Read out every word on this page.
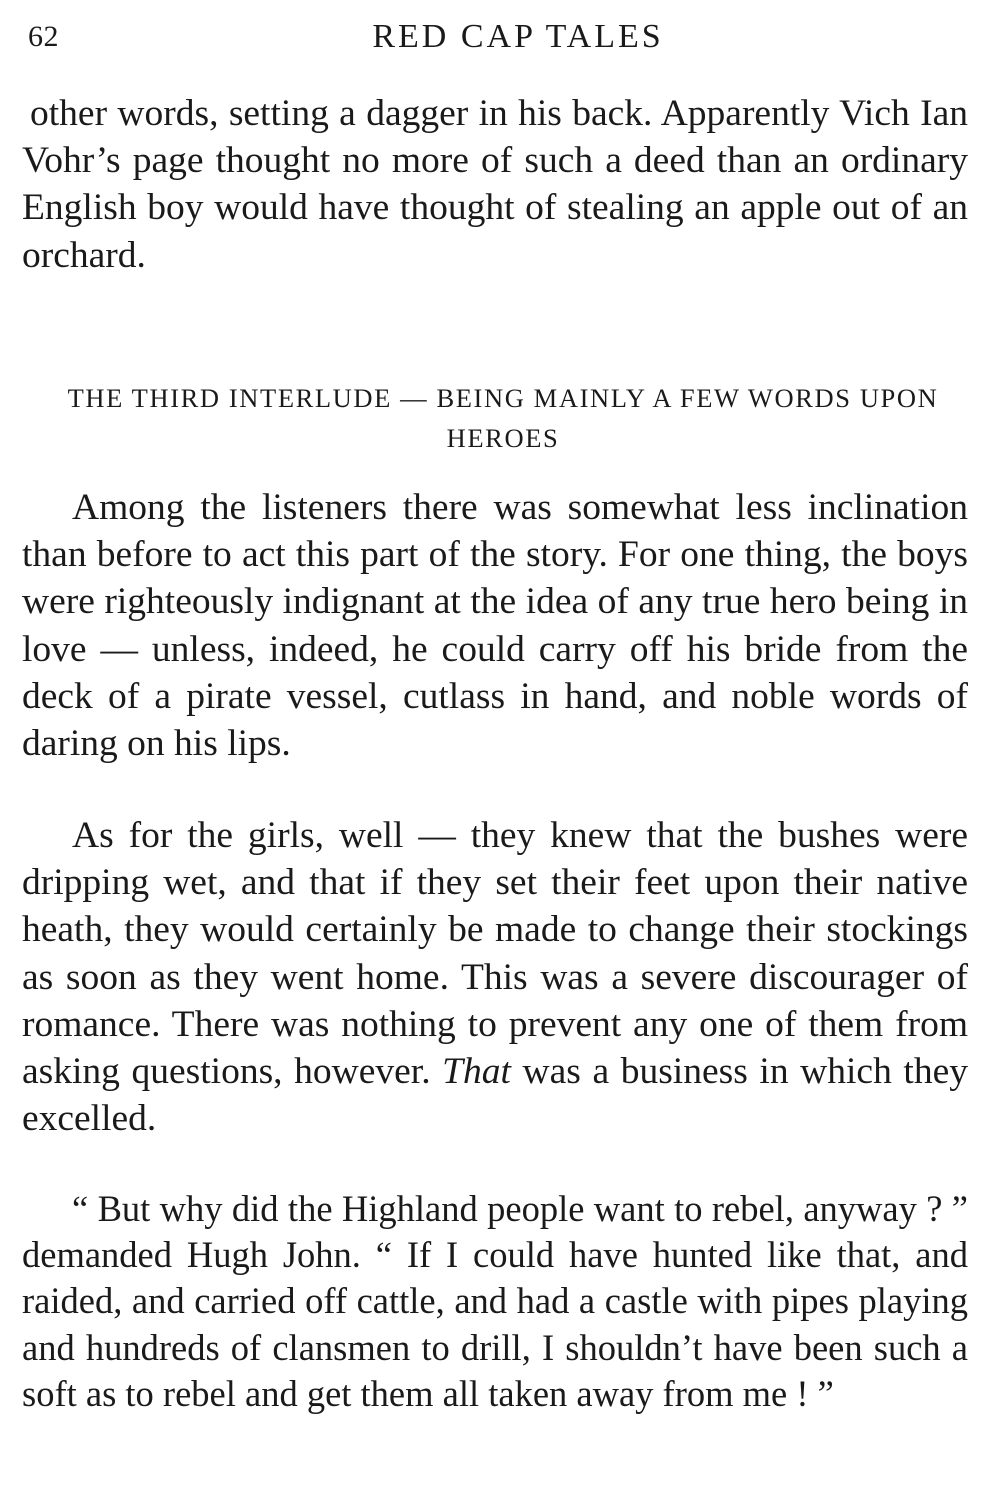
62	RED CAP TALES

other words, setting a dagger in his back. Apparently Vich Ian Vohr’s page thought no more of such a deed than an ordinary English boy would have thought of stealing an apple out of an orchard.

THE THIRD INTERLUDE — BEING MAINLY A FEW WORDS UPON HEROES

Among the listeners there was somewhat less inclination than before to act this part of the story. For one thing, the boys were righteously indignant at the idea of any true hero being in love — unless, indeed, he could carry off his bride from the deck of a pirate vessel, cutlass in hand, and noble words of daring on his lips.

As for the girls, well — they knew that the bushes were dripping wet, and that if they set their feet upon their native heath, they would certainly be made to change their stockings as soon as they went home. This was a severe discourager of romance. There was nothing to prevent any one of them from asking questions, however. That was a business in which they excelled.

“ But why did the Highland people want to rebel, anyway ? ” demanded Hugh John. “ If I could have hunted like that, and raided, and carried off cattle, and had a castle with pipes playing and hundreds of clansmen to drill, I shouldn’t have been such a soft as to rebel and get them all taken away from me ! ”
